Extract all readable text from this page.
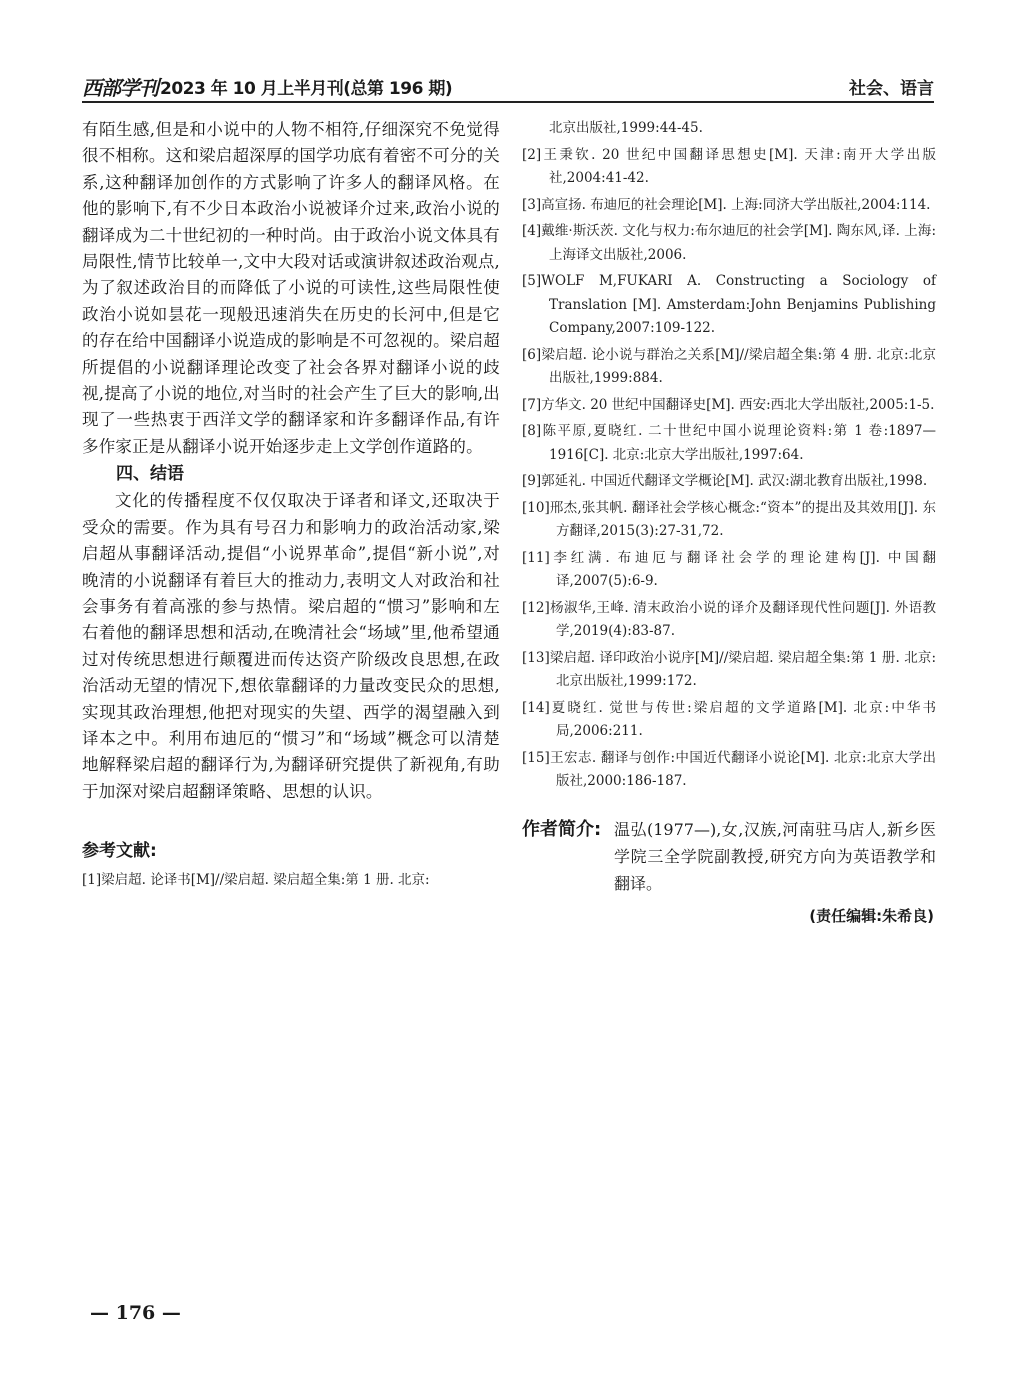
西部学刊 2023 年 10 月上半月刊(总第 196 期)	社会、语言

有陌生感,但是和小说中的人物不相符,仔细深究不免觉得很不相称。这和梁启超深厚的国学功底有着密不可分的关系,这种翻译加创作的方式影响了许多人的翻译风格。在他的影响下,有不少日本政治小说被译介过来,政治小说的翻译成为二十世纪初的一种时尚。由于政治小说文体具有局限性,情节比较单一,文中大段对话或演讲叙述政治观点,为了叙述政治目的而降低了小说的可读性,这些局限性使政治小说如昙花一现般迅速消失在历史的长河中,但是它的存在给中国翻译小说造成的影响是不可忽视的。梁启超所提倡的小说翻译理论改变了社会各界对翻译小说的歧视,提高了小说的地位,对当时的社会产生了巨大的影响,出现了一些热衷于西洋文学的翻译家和许多翻译作品,有许多作家正是从翻译小说开始逐步走上文学创作道路的。

四、结语

文化的传播程度不仅仅取决于译者和译文,还取决于受众的需要。作为具有号召力和影响力的政治活动家,梁启超从事翻译活动,提倡“小说界革命”,提倡“新小说”,对晚清的小说翻译有着巨大的推动力,表明文人对政治和社会事务有着高涨的参与热情。梁启超的“惯习”影响和左右着他的翻译思想和活动,在晚清社会“场域”里,他希望通过对传统思想进行颠覆进而传达资产阶级改良思想,在政治活动无望的情况下,想依靠翻译的力量改变民众的思想,实现其政治理想,他把对现实的失望、西学的渴望融入到译本之中。利用布迪厄的“惯习”和“场域”概念可以清楚地解释梁启超的翻译行为,为翻译研究提供了新视角,有助于加深对梁启超翻译策略、思想的认识。

参考文献:
[1]梁启超. 论译书[M]//梁启超. 梁启超全集:第 1 册. 北京:
北京出版社,1999:44-45.
[2]王秉钦. 20 世纪中国翻译思想史[M]. 天津:南开大学出版社,2004:41-42.
[3]高宣扬. 布迪厄的社会理论[M]. 上海:同济大学出版社,2004:114.
[4]戴维·斯沃茨. 文化与权力:布尔迪厄的社会学[M]. 陶东风,译. 上海:上海译文出版社,2006.
[5]WOLF M,FUKARI A. Constructing a Sociology of Translation [M]. Amsterdam:John Benjamins Publishing Company,2007:109-122.
[6]梁启超. 论小说与群治之关系[M]//梁启超全集:第 4 册. 北京:北京出版社,1999:884.
[7]方华文. 20 世纪中国翻译史[M]. 西安:西北大学出版社,2005:1-5.
[8]陈平原,夏晓红. 二十世纪中国小说理论资料:第 1 卷:1897—1916[C]. 北京:北京大学出版社,1997:64.
[9]郭延礼. 中国近代翻译文学概论[M]. 武汉:湖北教育出版社,1998.
[10]邢杰,张其帆. 翻译社会学核心概念:“资本”的提出及其效用[J]. 东方翻译,2015(3):27-31,72.
[11]李红满. 布迪厄与翻译社会学的理论建构[J]. 中国翻译,2007(5):6-9.
[12]杨淑华,王峰. 清末政治小说的译介及翻译现代性问题[J]. 外语教学,2019(4):83-87.
[13]梁启超. 译印政治小说序[M]//梁启超. 梁启超全集:第 1 册. 北京:北京出版社,1999:172.
[14]夏晓红. 觉世与传世:梁启超的文学道路[M]. 北京:中华书局,2006:211.
[15]王宏志. 翻译与创作:中国近代翻译小说论[M]. 北京:北京大学出版社,2000:186-187.
作者简介: 温弘(1977—),女,汉族,河南驻马店人,新乡医学院三全学院副教授,研究方向为英语教学和翻译。
(责任编辑:朱希良)
— 176 —
